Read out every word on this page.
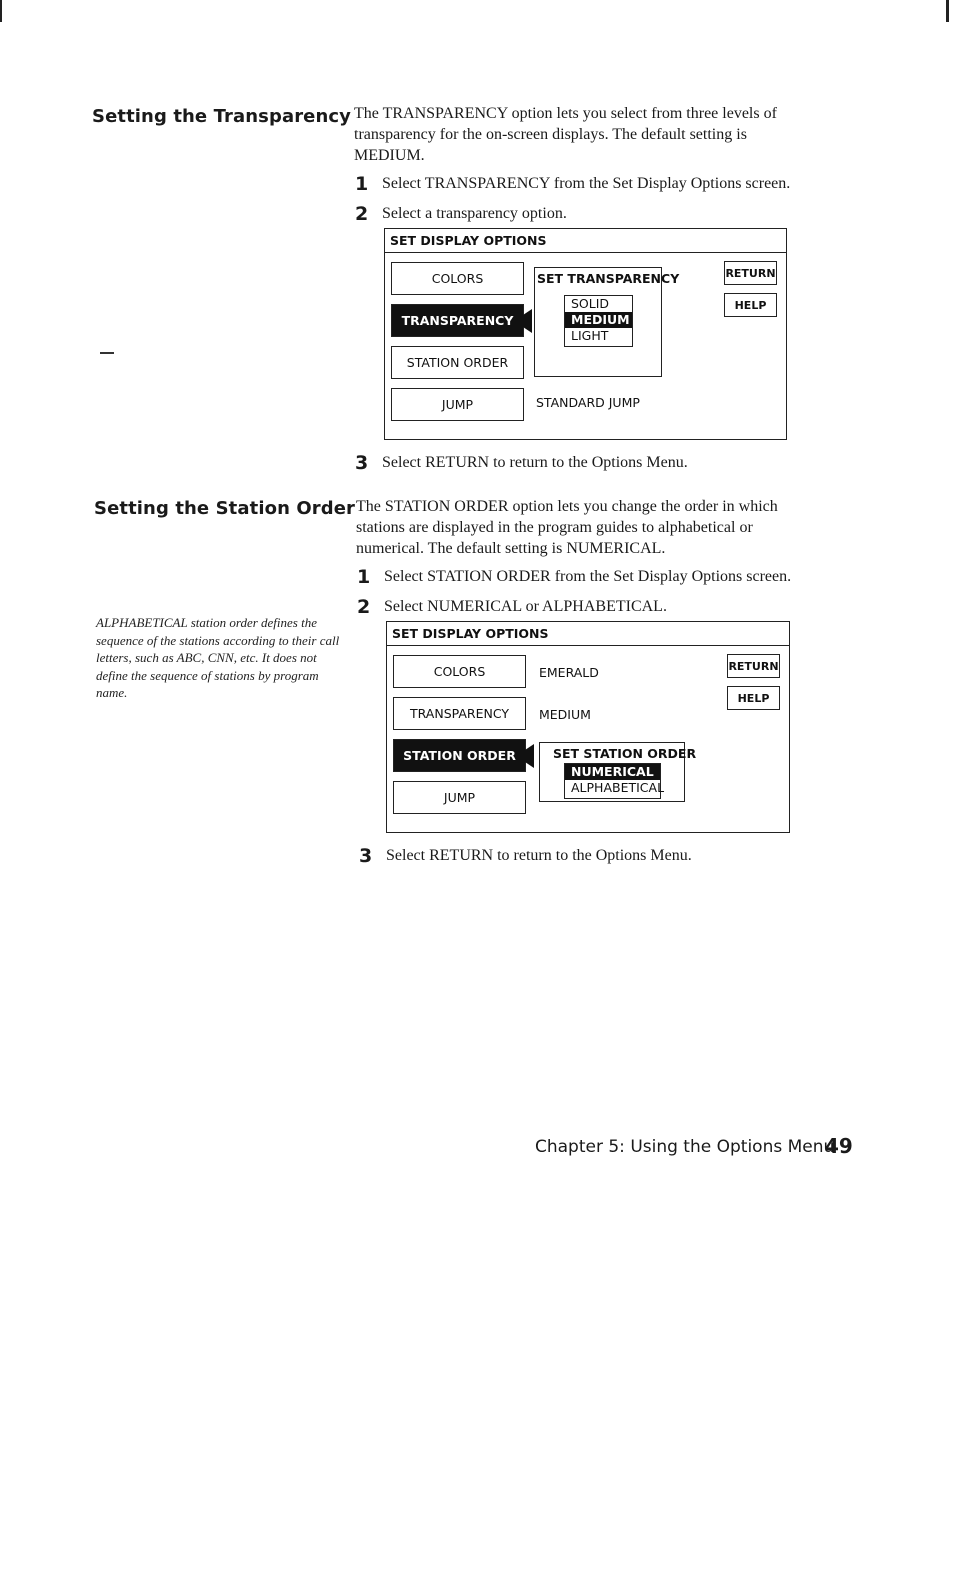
Setting the Transparency The TRANSPARENCY option lets you select from three levels of transparency for the on-screen displays. The default setting is MEDIUM.
1 Select TRANSPARENCY from the Set Display Options screen.
2 Select a transparency option.
SET DISPLAY OPTIONS
COLORS
TRANSPARENCY
STATION ORDER
JUMP	STANDARD JUMP
SET TRANSPARENCY
SOLID
MEDIUM
LIGHT
RETURN
HELP
3 Select RETURN to return to the Options Menu.
Setting the Station Order The STATION ORDER option lets you change the order in which stations are displayed in the program guides to alphabetical or numerical. The default setting is NUMERICAL.
ALPHABETICAL station order defines the sequence of the stations according to their call letters, such as ABC, CNN, etc. It does not define the sequence of stations by program name.
1 Select STATION ORDER from the Set Display Options screen.
2 Select NUMERICAL or ALPHABETICAL.
SET DISPLAY OPTIONS
COLORS	EMERALD
TRANSPARENCY	MEDIUM
STATION ORDER
JUMP
SET STATION ORDER
NUMERICAL
ALPHABETICAL
RETURN
HELP
3 Select RETURN to return to the Options Menu.
Chapter 5: Using the Options Menu
49
